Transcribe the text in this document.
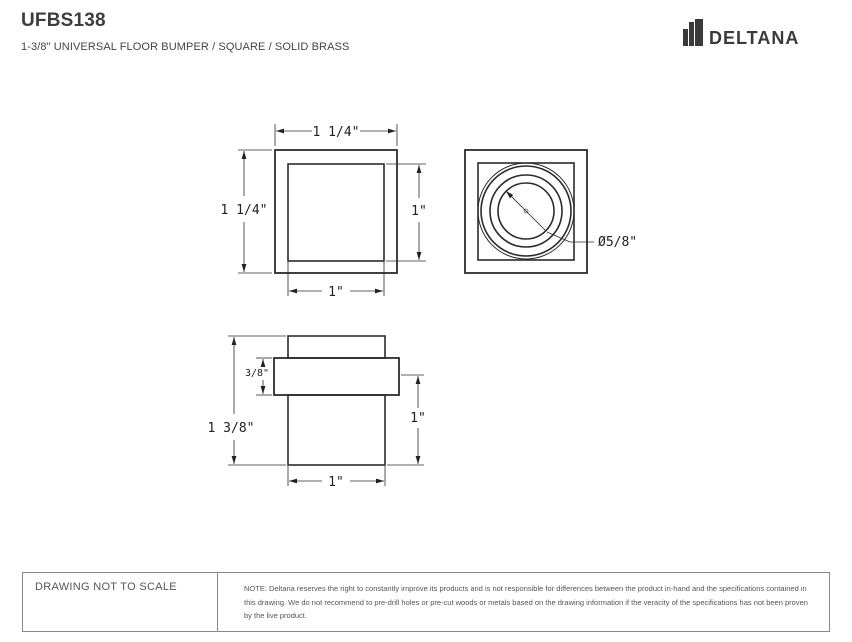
UFBS138
1-3/8" UNIVERSAL FLOOR BUMPER / SQUARE / SOLID BRASS	DELTANA
1 1/4"
1 1/4"	1"
1"
Ø5/8"
3/8"
1 3/8"
1"
1"
DRAWING NOT TO SCALE	NOTE: Deltana reserves the right to constantly improve its products and is not responsible for differences between the product in-hand and the specifications contained in this drawing. We do not recommend to pre-drill holes or pre-cut woods or metals based on the drawing information if the veracity of the specifications has not been proven by the live product.
